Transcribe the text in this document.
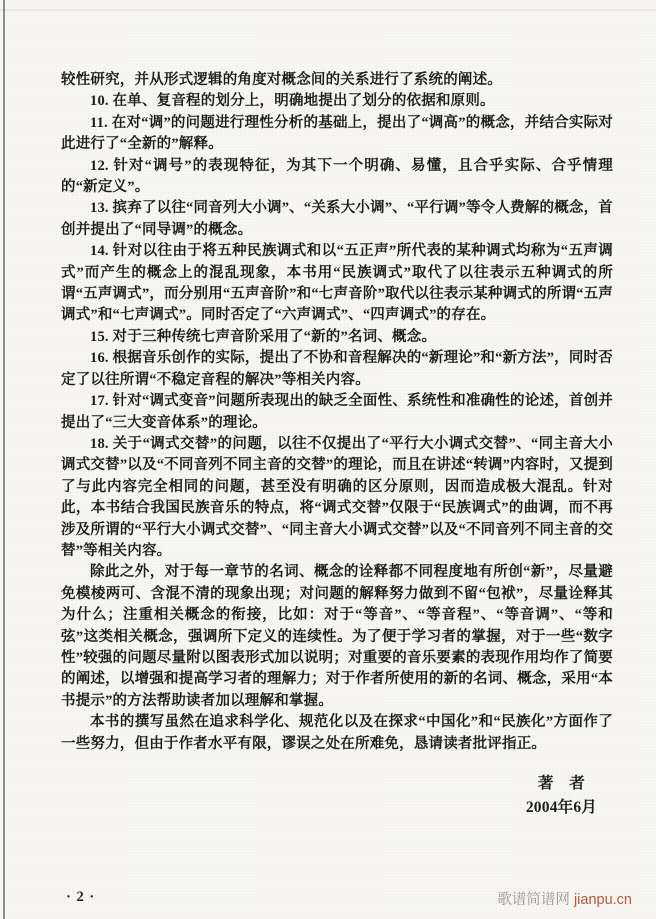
较性研究，并从形式逻辑的角度对概念间的关系进行了系统的阐述。

10. 在单、复音程的划分上，明确地提出了划分的依据和原则。

11. 在对“调”的问题进行理性分析的基础上，提出了“调高”的概念，并结合实际对此进行了“全新的”解释。

12. 针对“调号”的表现特征，为其下一个明确、易懂，且合乎实际、合乎情理的“新定义”。

13. 摈弃了以往“同音列大小调”、“关系大小调”、“平行调”等令人费解的概念，首创并提出了“同导调”的概念。

14. 针对以往由于将五种民族调式和以“五正声”所代表的某种调式均称为“五声调式”而产生的概念上的混乱现象，本书用“民族调式”取代了以往表示五种调式的所谓“五声调式”，而分别用“五声音阶”和“七声音阶”取代以往表示某种调式的所谓“五声调式”和“七声调式”。同时否定了“六声调式”、“四声调式”的存在。

15. 对于三种传统七声音阶采用了“新的”名词、概念。

16. 根据音乐创作的实际，提出了不协和音程解决的“新理论”和“新方法”，同时否定了以往所谓“不稳定音程的解决”等相关内容。

17. 针对“调式变音”问题所表现出的缺乏全面性、系统性和准确性的论述，首创并提出了“三大变音体系”的理论。

18. 关于“调式交替”的问题，以往不仅提出了“平行大小调式交替”、“同主音大小调式交替”以及“不同音列不同主音的交替”的理论，而且在讲述“转调”内容时，又提到了与此内容完全相同的问题，甚至没有明确的区分原则，因而造成极大混乱。针对此，本书结合我国民族音乐的特点，将“调式交替”仅限于“民族调式”的曲调，而不再涉及所谓的“平行大小调式交替”、“同主音大小调式交替”以及“不同音列不同主音的交替”等相关内容。

除此之外，对于每一章节的名词、概念的诠释都不同程度地有所创“新”，尽量避免模棱两可、含混不清的现象出现；对问题的解释努力做到不留“包袱”，尽量诠释其为什么；注重相关概念的衔接，比如：对于“等音”、“等音程”、“等音调”、“等和弦”这类相关概念，强调所下定义的连续性。为了便于学习者的掌握，对于一些“数字性”较强的问题尽量附以图表形式加以说明；对重要的音乐要素的表现作用均作了简要的阐述，以增强和提高学习者的理解力；对于作者所使用的新的名词、概念，采用“本书提示”的方法帮助读者加以理解和掌握。

本书的撰写虽然在追求科学化、规范化以及在探求“中国化”和“民族化”方面作了一些努力，但由于作者水平有限，谬误之处在所难免，恳请读者批评指正。

著　者
2004年6月
· 2 ·	歌谱简谱网 jianpu.cn
